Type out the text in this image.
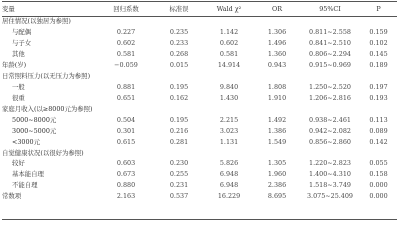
变量	回归系数	标准误	Wald χ²	OR	95%CI	P
居住情况(以独居为参照)						
与配偶	0.227	0.235	1.142	1.306	0.811~2.558	0.159
与子女	0.602	0.233	0.602	1.496	0.841~2.510	0.102
其他	0.581	0.268	0.581	1.360	0.806~2.294	0.145
年龄(岁)	−0.059	0.015	14.914	0.943	0.915~0.969	0.189
日常照料压力(以无压力为参照)						
一般	0.881	0.195	9.840	1.808	1.250~2.520	0.197
很重	0.651	0.162	1.430	1.910	1.206~2.816	0.193
家庭月收入(以≥8000元为参照)						
5000~8000元	0.504	0.195	2.215	1.492	0.938~2.461	0.113
3000~5000元	0.301	0.216	3.023	1.386	0.942~2.082	0.089
<3000元	0.615	0.281	1.131	1.549	0.856~2.860	0.142
自觉健康状况(以很好为参照)						
较好	0.603	0.230	5.826	1.305	1.220~2.823	0.055
基本能自理	0.673	0.255	6.948	1.960	1.400~4.310	0.158
不能自理	0.880	0.231	6.948	2.386	1.518~3.749	0.000
常数项	2.163	0.537	16.229	8.695	3.075~25.409	0.000
